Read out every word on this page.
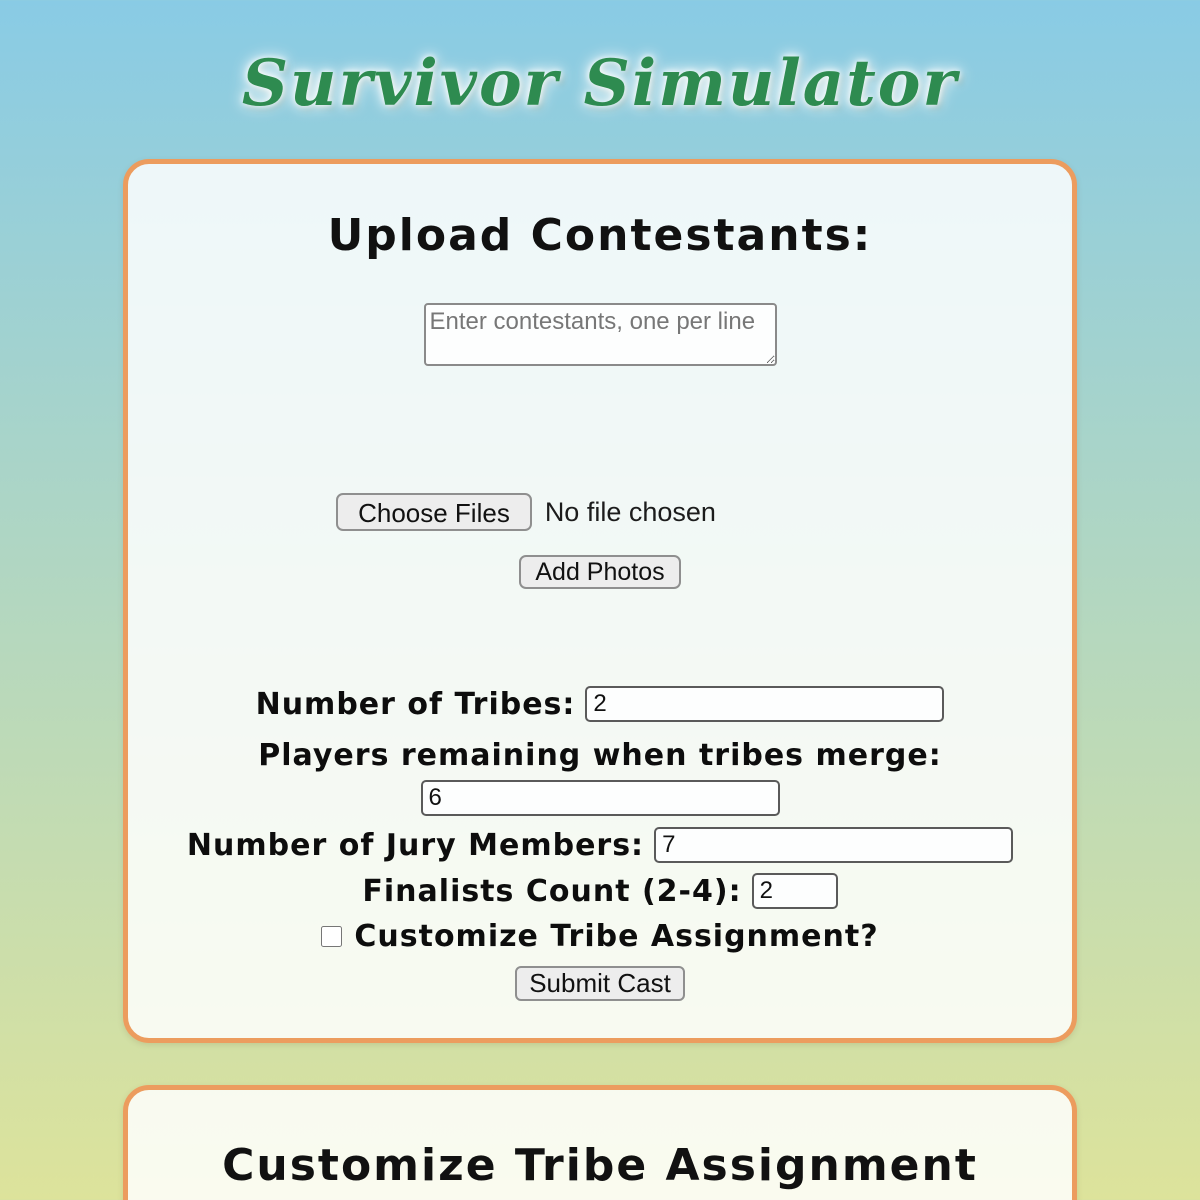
Survivor Simulator
Upload Contestants:
Enter contestants, one per line
Choose Files	No file chosen
Add Photos
Number of Tribes:
2
Players remaining when tribes merge:
6
Number of Jury Members:
7
Finalists Count (2-4):
2
Customize Tribe Assignment?
Submit Cast
Customize Tribe Assignment
